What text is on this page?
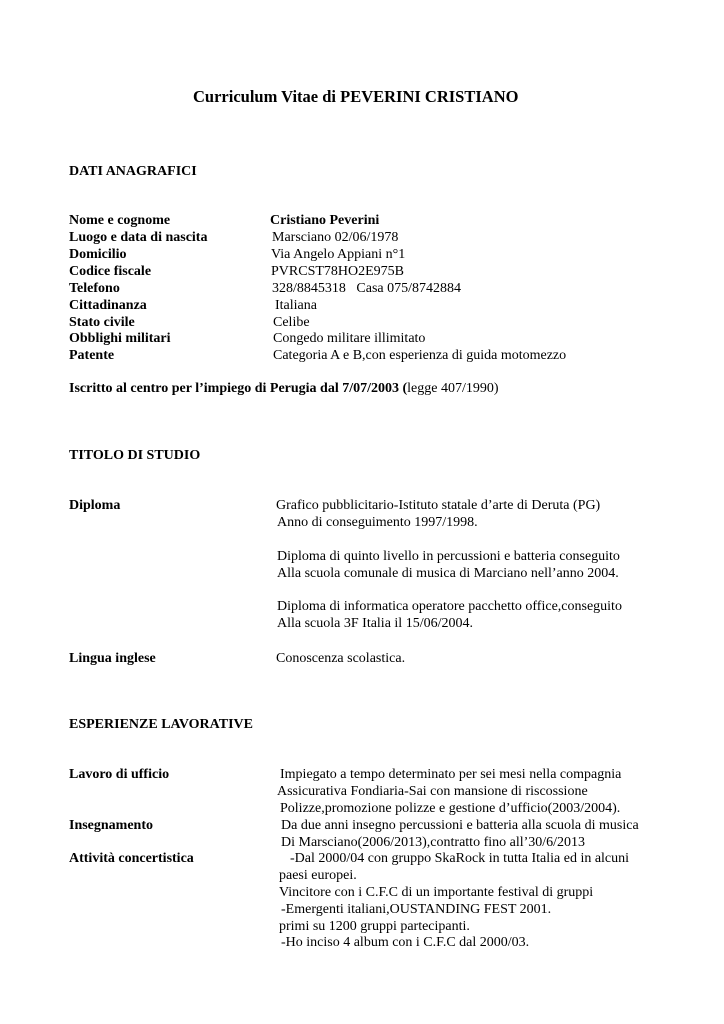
Curriculum Vitae di PEVERINI CRISTIANO
DATI ANAGRAFICI
Nome e cognome	Cristiano Peverini
Luogo e data di nascita	Marsciano 02/06/1978
Domicilio	Via Angelo Appiani n°1
Codice fiscale	PVRCST78HO2E975B
Telefono	328/8845318   Casa 075/8742884
Cittadinanza	Italiana
Stato civile	Celibe
Obblighi militari	Congedo militare illimitato
Patente	Categoria A e B,con esperienza di guida motomezzo
Iscritto al centro per l’impiego di Perugia dal 7/07/2003 (legge 407/1990)
TITOLO DI STUDIO
Diploma	Grafico pubblicitario-Istituto statale d’arte di Deruta (PG)
Anno di conseguimento 1997/1998.
Diploma di quinto livello in percussioni e batteria conseguito
Alla scuola comunale di musica di Marciano nell’anno 2004.
Diploma di informatica operatore pacchetto office,conseguito
Alla scuola 3F Italia il 15/06/2004.
Lingua inglese	Conoscenza scolastica.
ESPERIENZE LAVORATIVE
Lavoro di ufficio	Impiegato a tempo determinato per sei mesi nella compagnia
Assicurativa Fondiaria-Sai con mansione di riscossione
Polizze,promozione polizze e gestione d’ufficio(2003/2004).
Insegnamento	Da due anni insegno percussioni e batteria alla scuola di musica
Di Marsciano(2006/2013),contratto fino all’30/6/2013
Attività concertistica	-Dal 2000/04 con gruppo SkaRock in tutta Italia ed in alcuni
paesi europei.
Vincitore con i C.F.C di un importante festival di gruppi
-Emergenti italiani,OUSTANDING FEST 2001.
primi su 1200 gruppi partecipanti.
-Ho inciso 4 album con i C.F.C dal 2000/03.
